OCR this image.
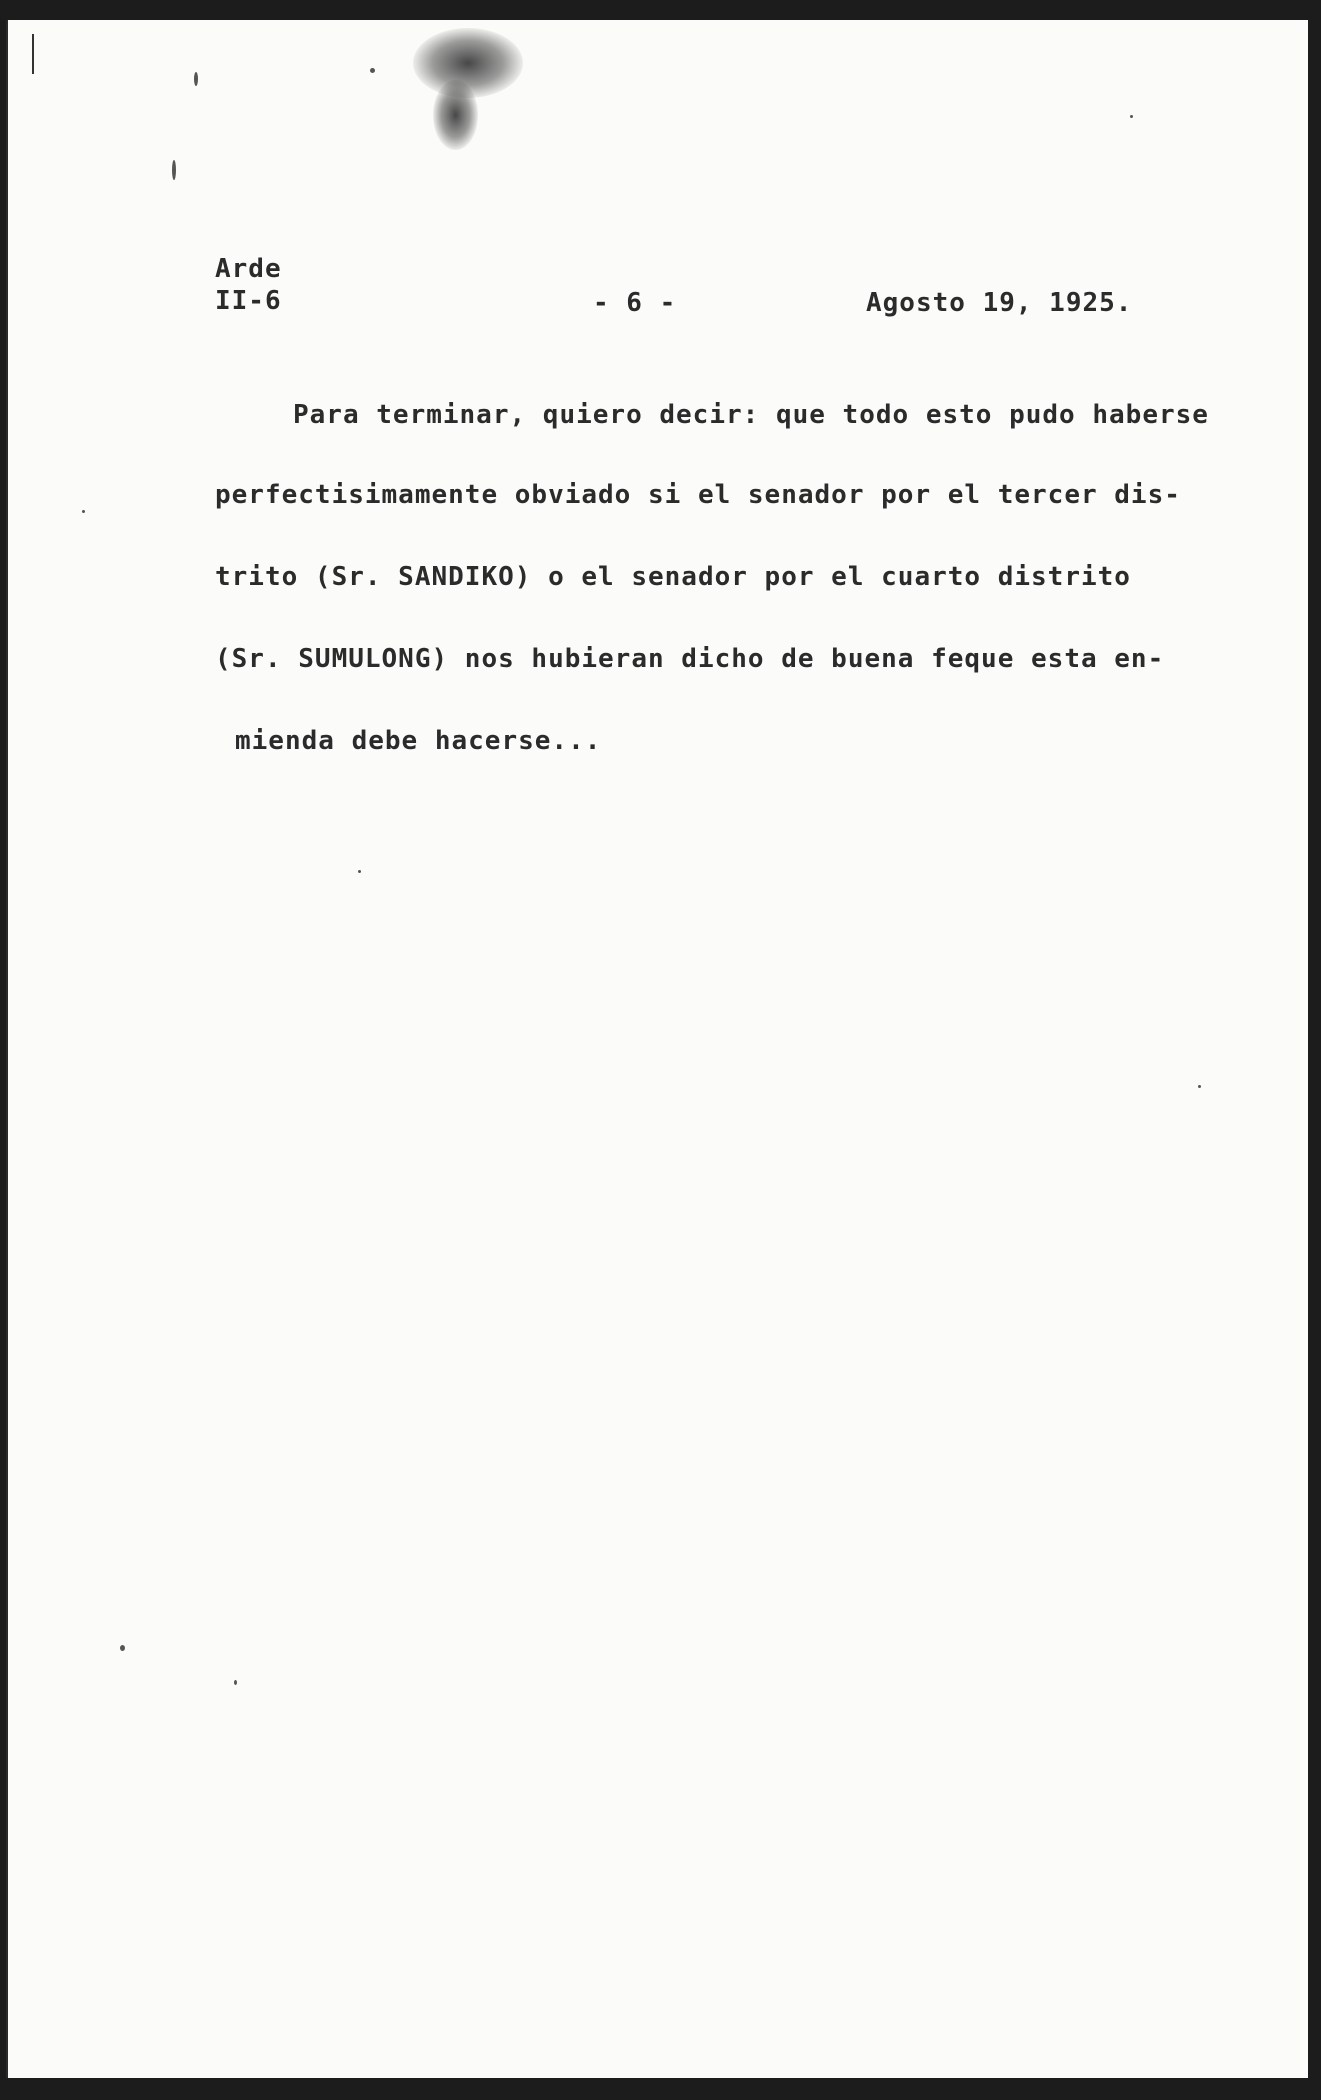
Arde
II-6	- 6 -	Agosto 19, 1925.
Para terminar, quiero decir: que todo esto pudo haberse
perfectisimamente obviado si el senador por el tercer dis-
trito (Sr. SANDIKO) o el senador por el cuarto distrito
(Sr. SUMULONG) nos hubieran dicho de buena feque esta en-
mienda debe hacerse...
